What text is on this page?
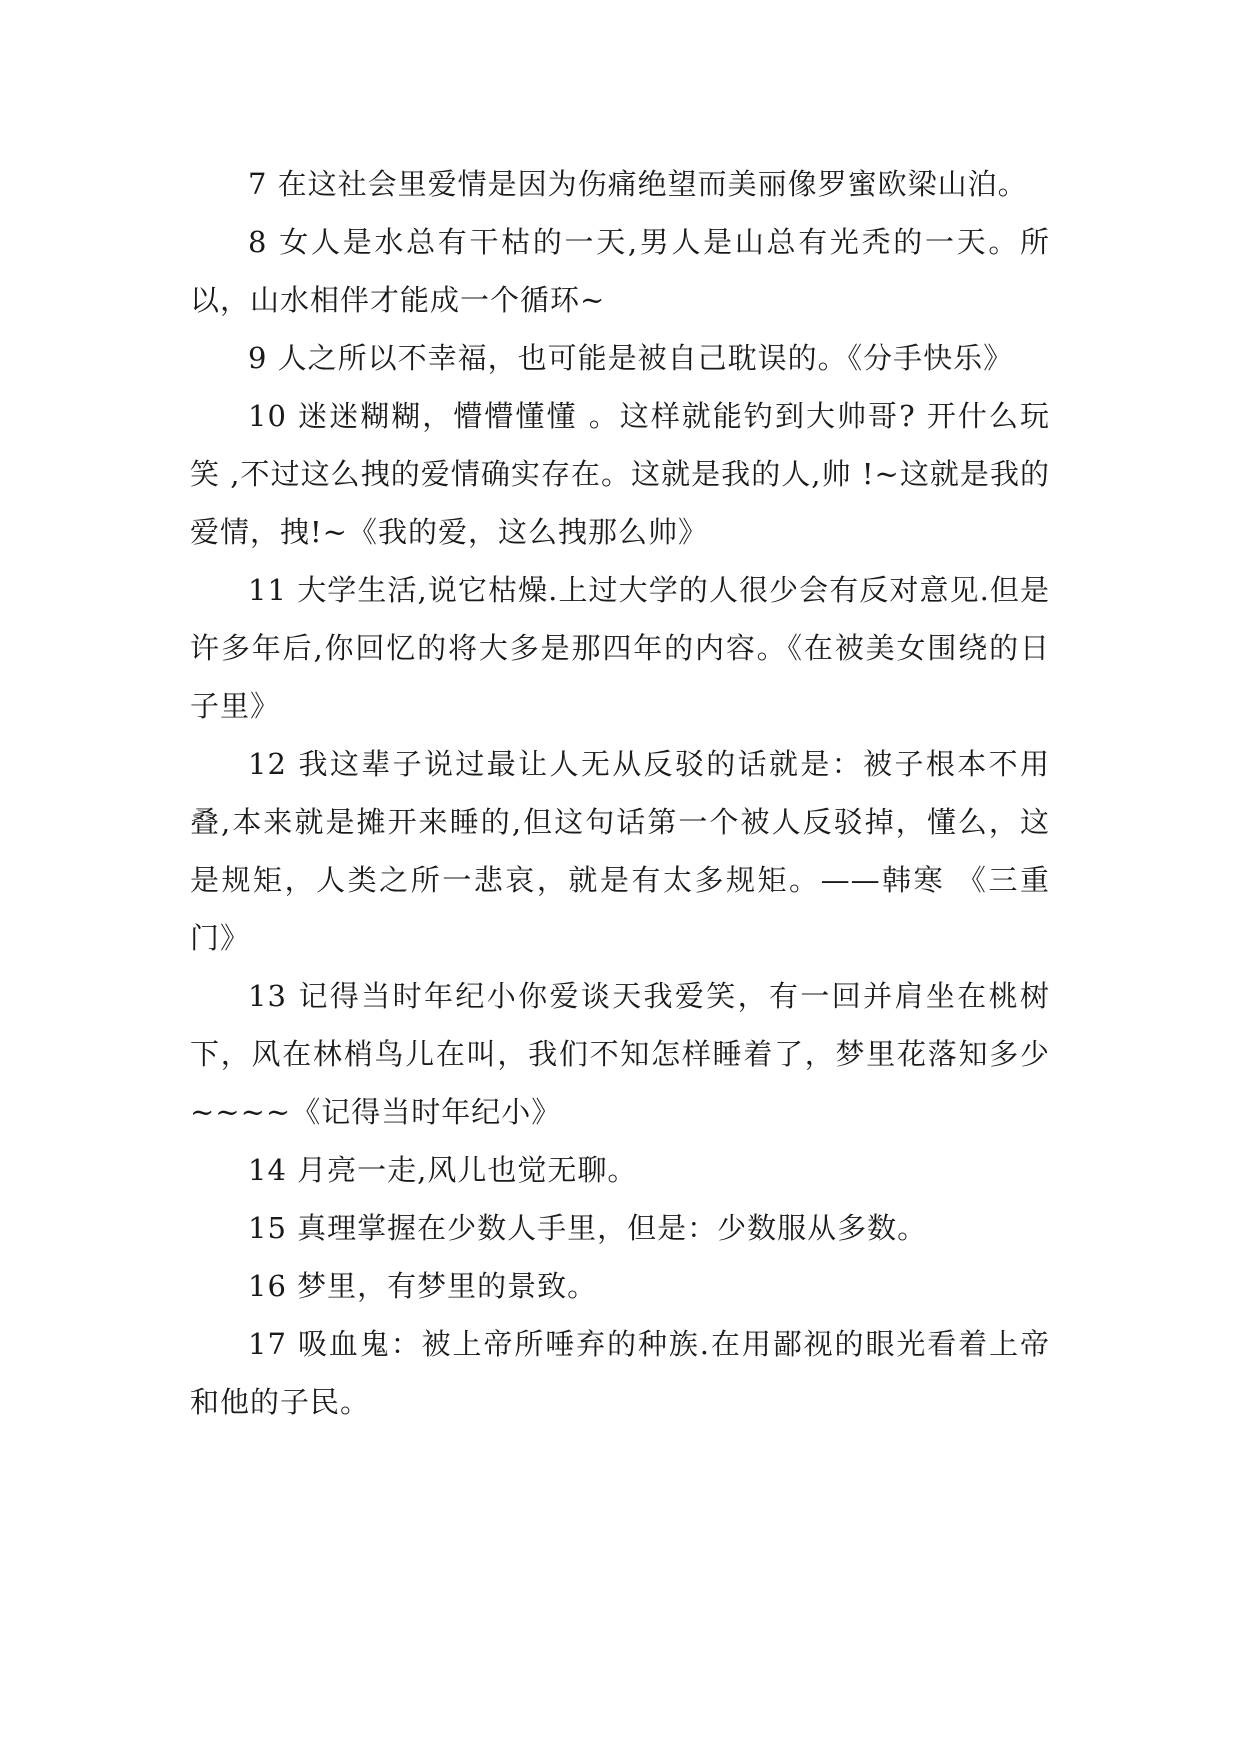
7 在这社会里爱情是因为伤痛绝望而美丽像罗蜜欧梁山泊。

8 女人是水总有干枯的一天,男人是山总有光秃的一天。所以，山水相伴才能成一个循环~

9 人之所以不幸福，也可能是被自己耽误的。《分手快乐》

10 迷迷糊糊，懵懵懂懂 。这样就能钓到大帅哥? 开什么玩笑 ,不过这么拽的爱情确实存在。这就是我的人,帅 !~这就是我的爱情，拽!~《我的爱，这么拽那么帅》

11 大学生活,说它枯燥.上过大学的人很少会有反对意见.但是许多年后,你回忆的将大多是那四年的内容。《在被美女围绕的日子里》

12 我这辈子说过最让人无从反驳的话就是：被子根本不用叠,本来就是摊开来睡的,但这句话第一个被人反驳掉，懂么，这是规矩，人类之所一悲哀，就是有太多规矩。——韩寒 《三重门》

13 记得当时年纪小你爱谈天我爱笑，有一回并肩坐在桃树下，风在林梢鸟儿在叫，我们不知怎样睡着了，梦里花落知多少~~~~《记得当时年纪小》

14 月亮一走,风儿也觉无聊。

15 真理掌握在少数人手里，但是：少数服从多数。

16 梦里，有梦里的景致。

17 吸血鬼：被上帝所唾弃的种族.在用鄙视的眼光看着上帝和他的子民。
